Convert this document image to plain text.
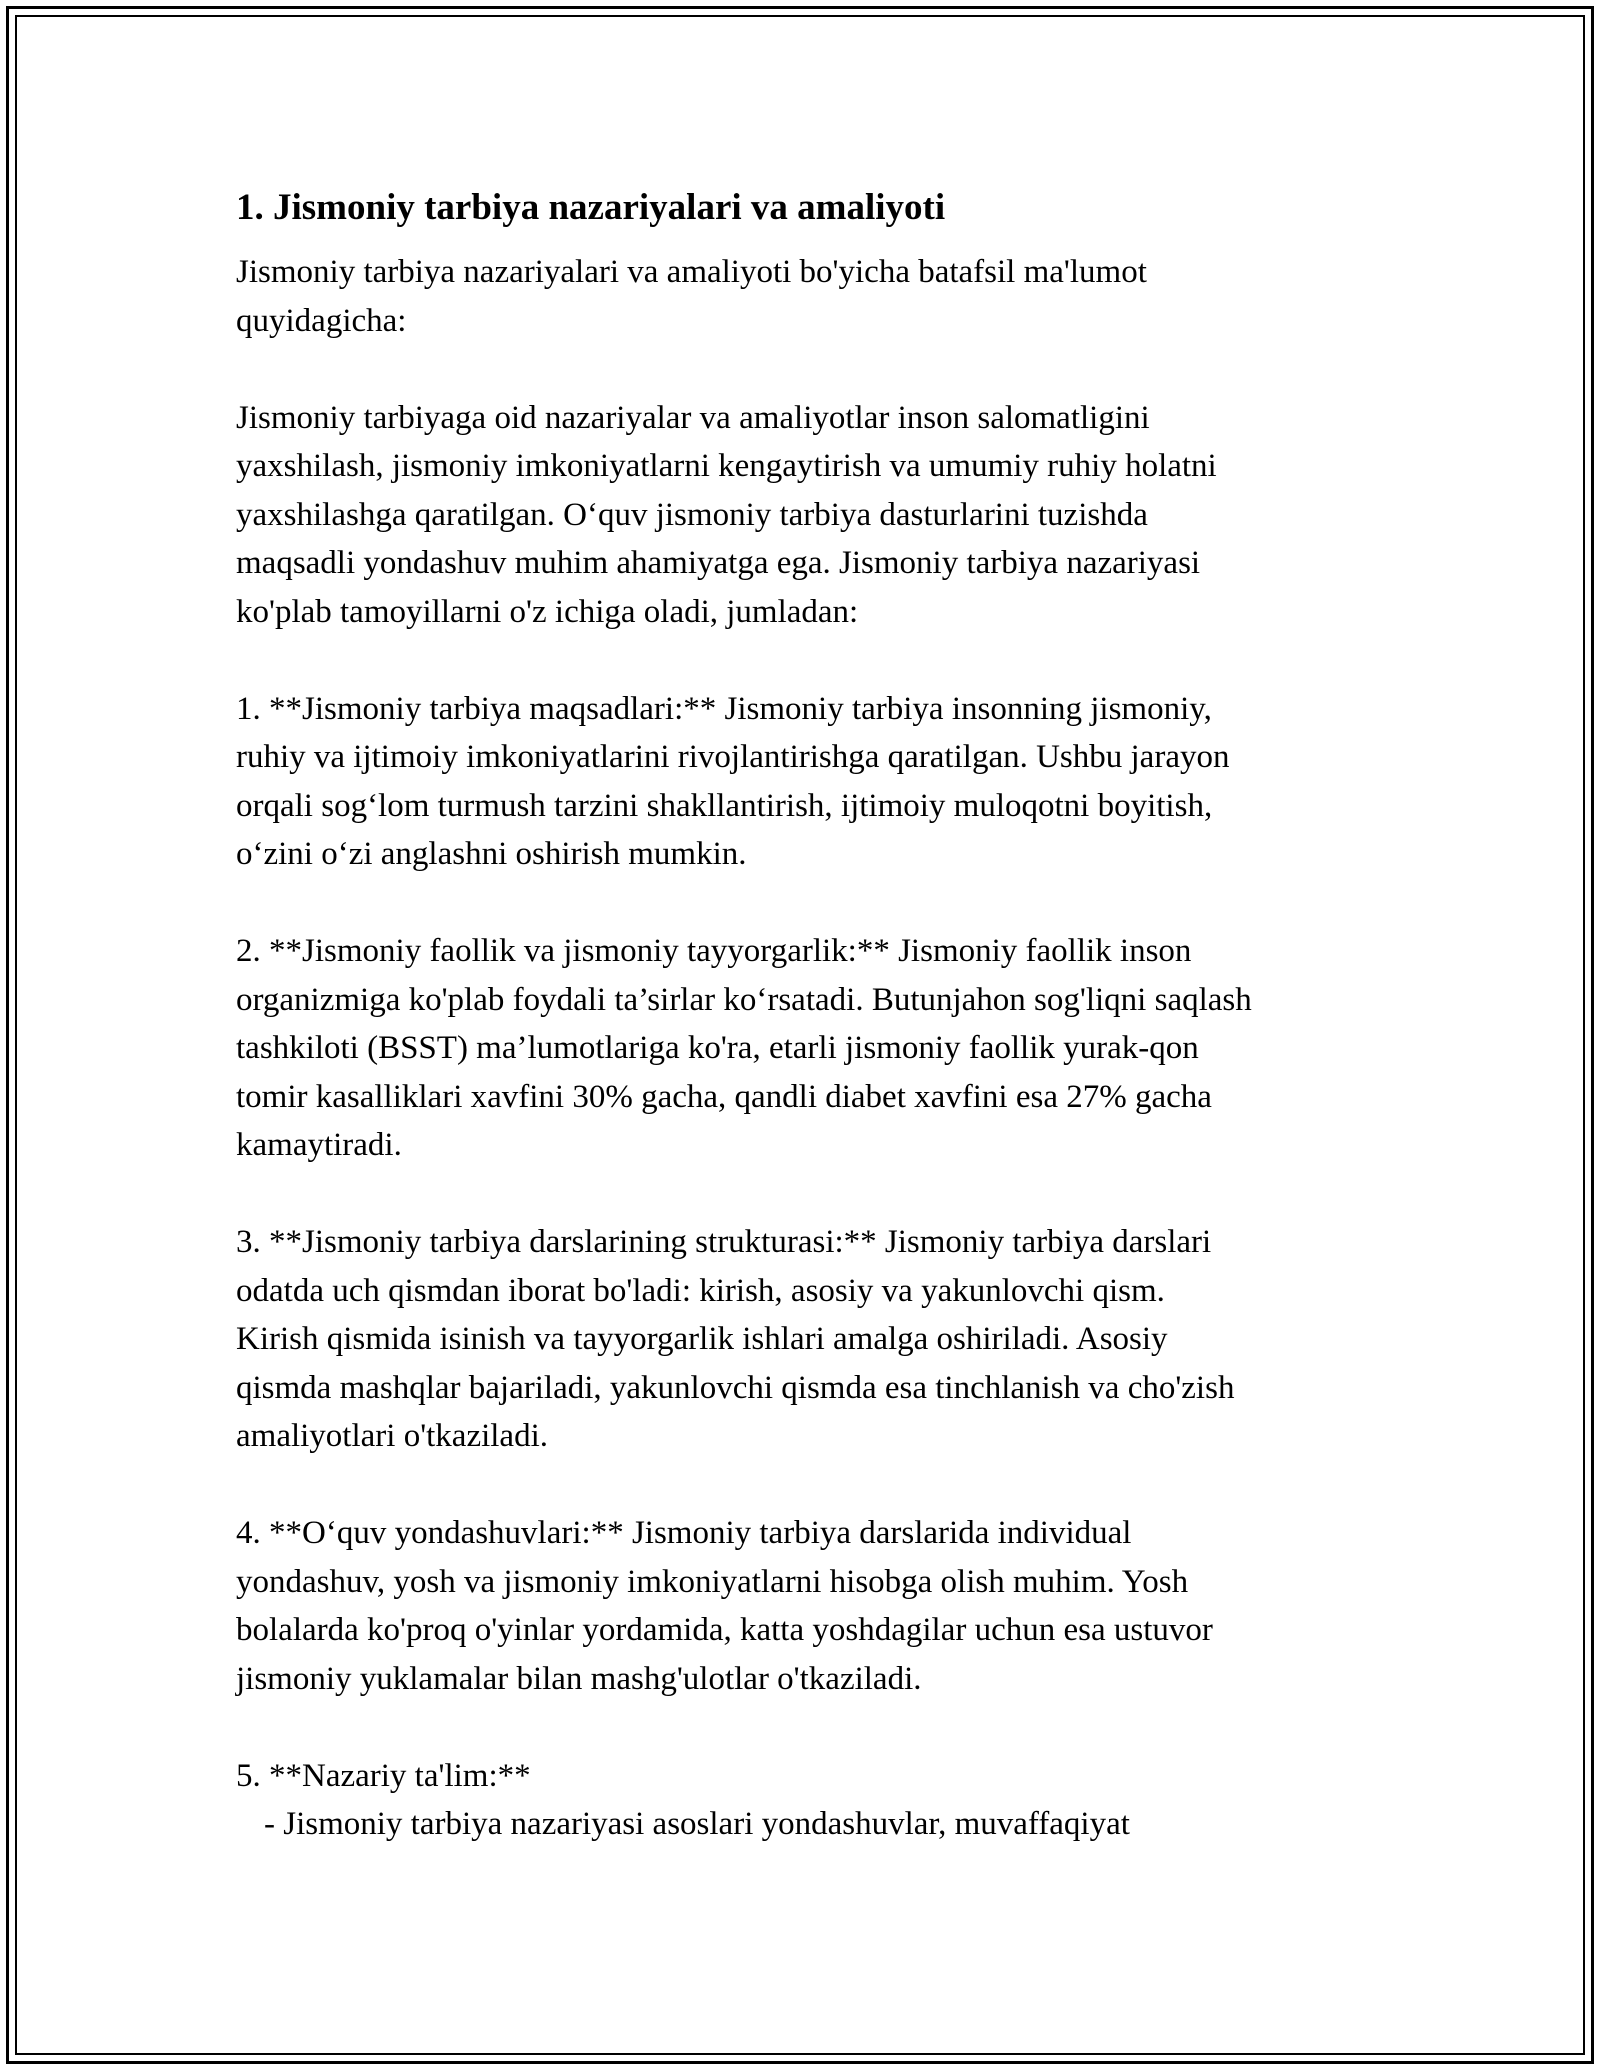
1. Jismoniy tarbiya nazariyalari va amaliyoti

Jismoniy tarbiya nazariyalari va amaliyoti bo'yicha batafsil ma'lumot
quyidagicha:

Jismoniy tarbiyaga oid nazariyalar va amaliyotlar inson salomatligini
yaxshilash, jismoniy imkoniyatlarni kengaytirish va umumiy ruhiy holatni
yaxshilashga qaratilgan. O‘quv jismoniy tarbiya dasturlarini tuzishda
maqsadli yondashuv muhim ahamiyatga ega. Jismoniy tarbiya nazariyasi
ko'plab tamoyillarni o'z ichiga oladi, jumladan:

1. **Jismoniy tarbiya maqsadlari:** Jismoniy tarbiya insonning jismoniy,
ruhiy va ijtimoiy imkoniyatlarini rivojlantirishga qaratilgan. Ushbu jarayon
orqali sog‘lom turmush tarzini shakllantirish, ijtimoiy muloqotni boyitish,
o‘zini o‘zi anglashni oshirish mumkin.

2. **Jismoniy faollik va jismoniy tayyorgarlik:** Jismoniy faollik inson
organizmiga ko'plab foydali ta’sirlar ko‘rsatadi. Butunjahon sog'liqni saqlash
tashkiloti (BSST) ma’lumotlariga ko'ra, etarli jismoniy faollik yurak-qon
tomir kasalliklari xavfini 30% gacha, qandli diabet xavfini esa 27% gacha
kamaytiradi.

3. **Jismoniy tarbiya darslarining strukturasi:** Jismoniy tarbiya darslari
odatda uch qismdan iborat bo'ladi: kirish, asosiy va yakunlovchi qism.
Kirish qismida isinish va tayyorgarlik ishlari amalga oshiriladi. Asosiy
qismda mashqlar bajariladi, yakunlovchi qismda esa tinchlanish va cho'zish
amaliyotlari o'tkaziladi.

4. **O‘quv yondashuvlari:** Jismoniy tarbiya darslarida individual
yondashuv, yosh va jismoniy imkoniyatlarni hisobga olish muhim. Yosh
bolalarda ko'proq o'yinlar yordamida, katta yoshdagilar uchun esa ustuvor
jismoniy yuklamalar bilan mashg'ulotlar o'tkaziladi.

5. **Nazariy ta'lim:**
- Jismoniy tarbiya nazariyasi asoslari yondashuvlar, muvaffaqiyat
